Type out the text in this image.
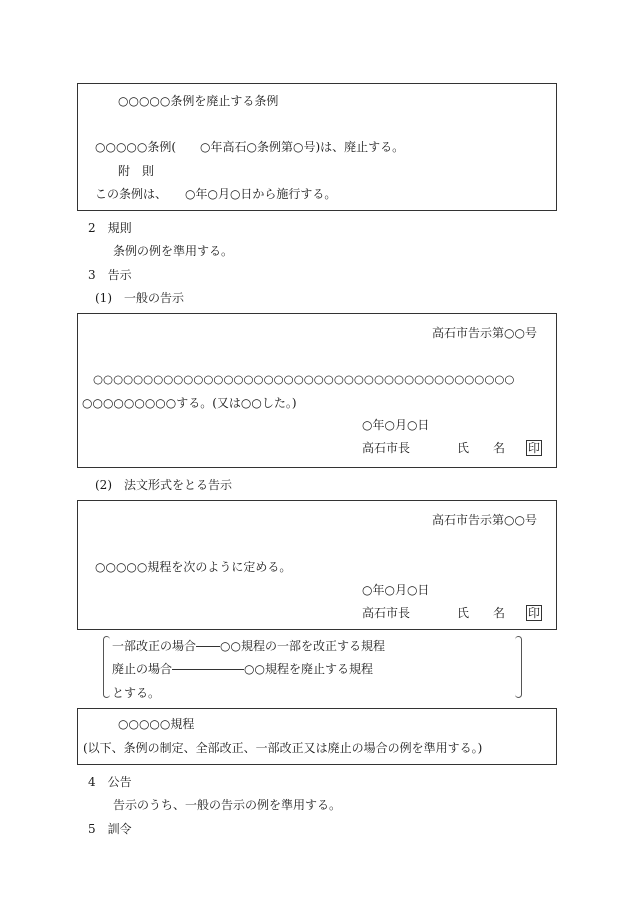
○○○○○条例を廃止する条例
○○○○○条例(　　○年高石○条例第○号)は、廃止する。
附　則
この条例は、　　○年○月○日から施行する。
2　規則
条例の例を準用する。
3　告示
(1)　一般の告示
高石市告示第○○号
○○○○○○○○○○○○○○○○○○○○○○○○○○○○○○○○○○○○○○○○○○
○○○○○○○○○する。(又は○○した。)
○年○月○日
高石市長	氏　　名 印
(2)　法文形式をとる告示
高石市告示第○○号
○○○○○規程を次のように定める。
○年○月○日
高石市長	氏　　名 印
一部改正の場合 ○○規程の一部を改正する規程
廃止の場合	○○規程を廃止する規程
とする。
○○○○○規程
(以下、条例の制定、全部改正、一部改正又は廃止の場合の例を準用する。)
4　公告
告示のうち、一般の告示の例を準用する。
5　訓令
